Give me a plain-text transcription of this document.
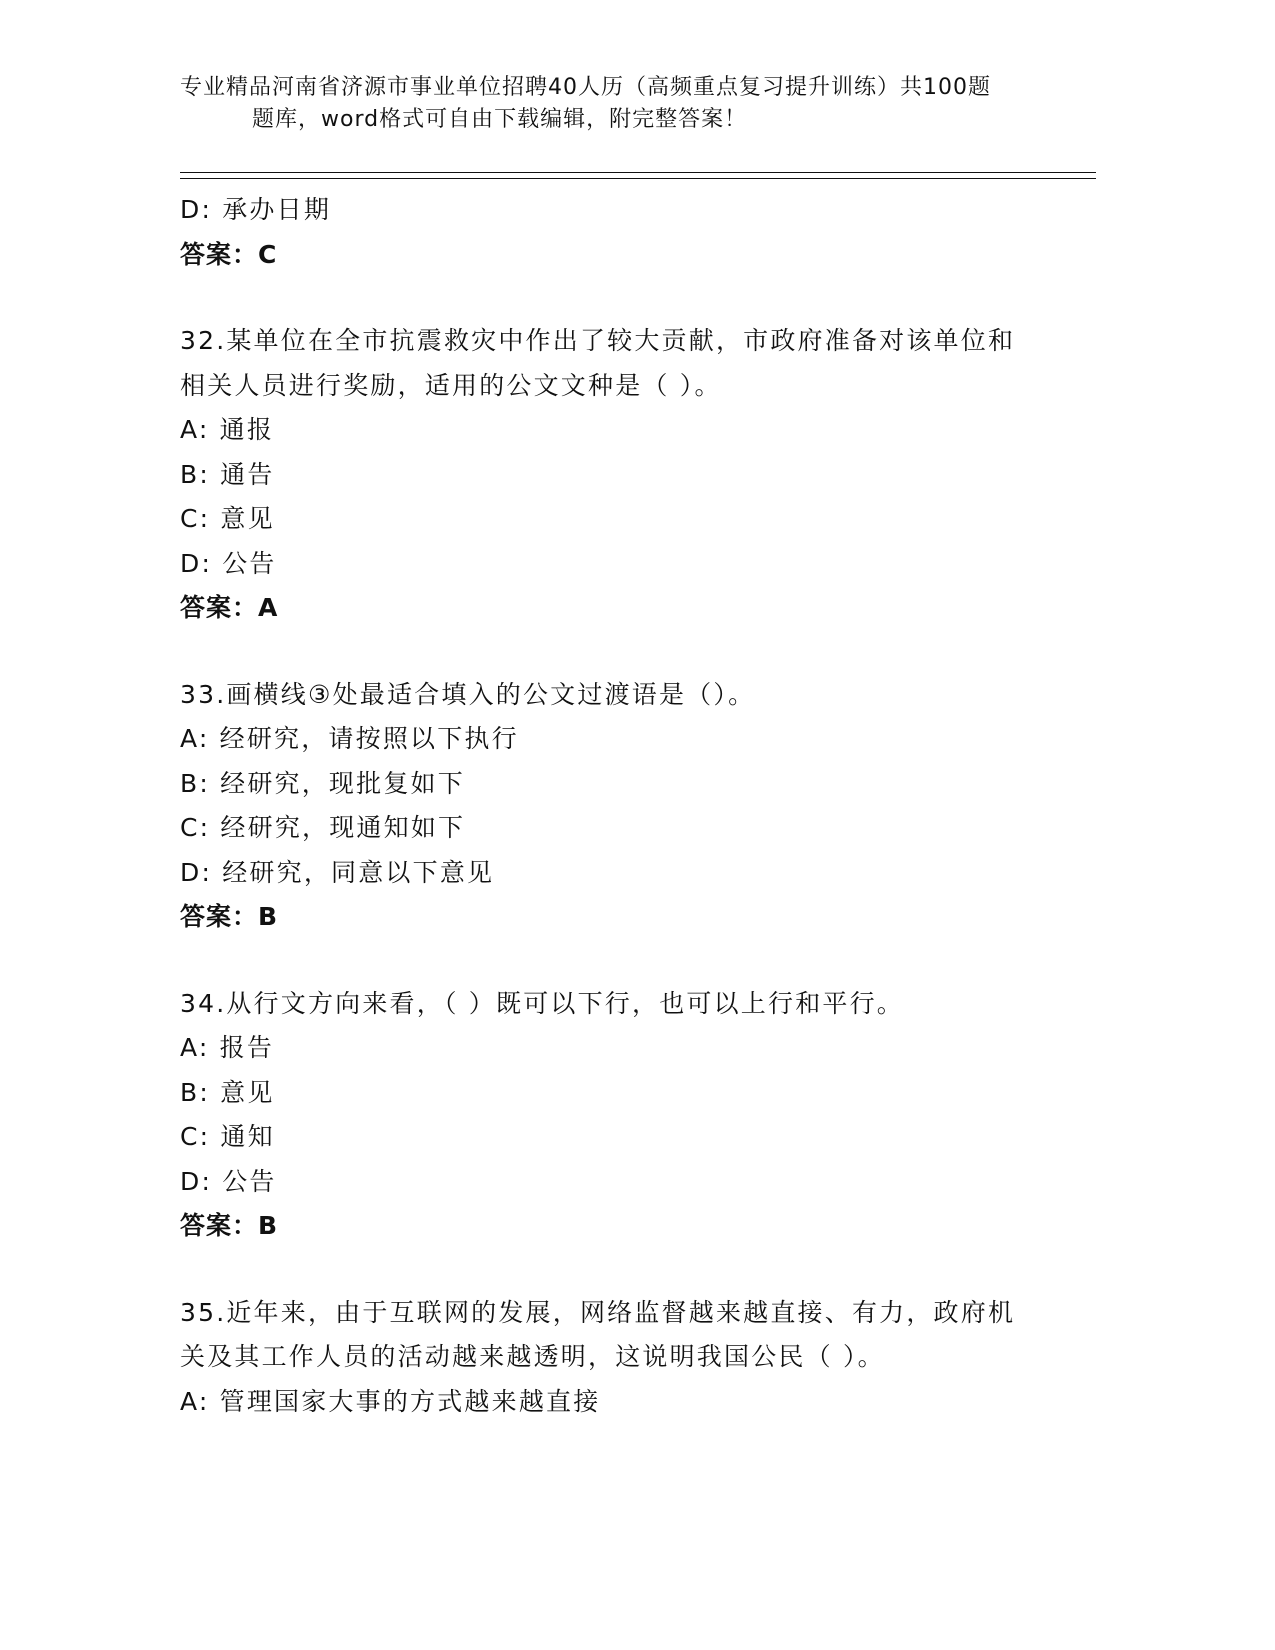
专业精品河南省济源市事业单位招聘40人历（高频重点复习提升训练）共100题
题库，word格式可自由下载编辑，附完整答案！
D: 承办日期
答案：C
32.某单位在全市抗震救灾中作出了较大贡献，市政府准备对该单位和
相关人员进行奖励，适用的公文文种是（ ）。
A: 通报
B: 通告
C: 意见
D: 公告
答案：A
33.画横线③处最适合填入的公文过渡语是（）。
A: 经研究，请按照以下执行
B: 经研究，现批复如下
C: 经研究，现通知如下
D: 经研究，同意以下意见
答案：B
34.从行文方向来看，（ ）既可以下行，也可以上行和平行。
A: 报告
B: 意见
C: 通知
D: 公告
答案：B
35.近年来，由于互联网的发展，网络监督越来越直接、有力，政府机
关及其工作人员的活动越来越透明，这说明我国公民（ ）。
A: 管理国家大事的方式越来越直接
